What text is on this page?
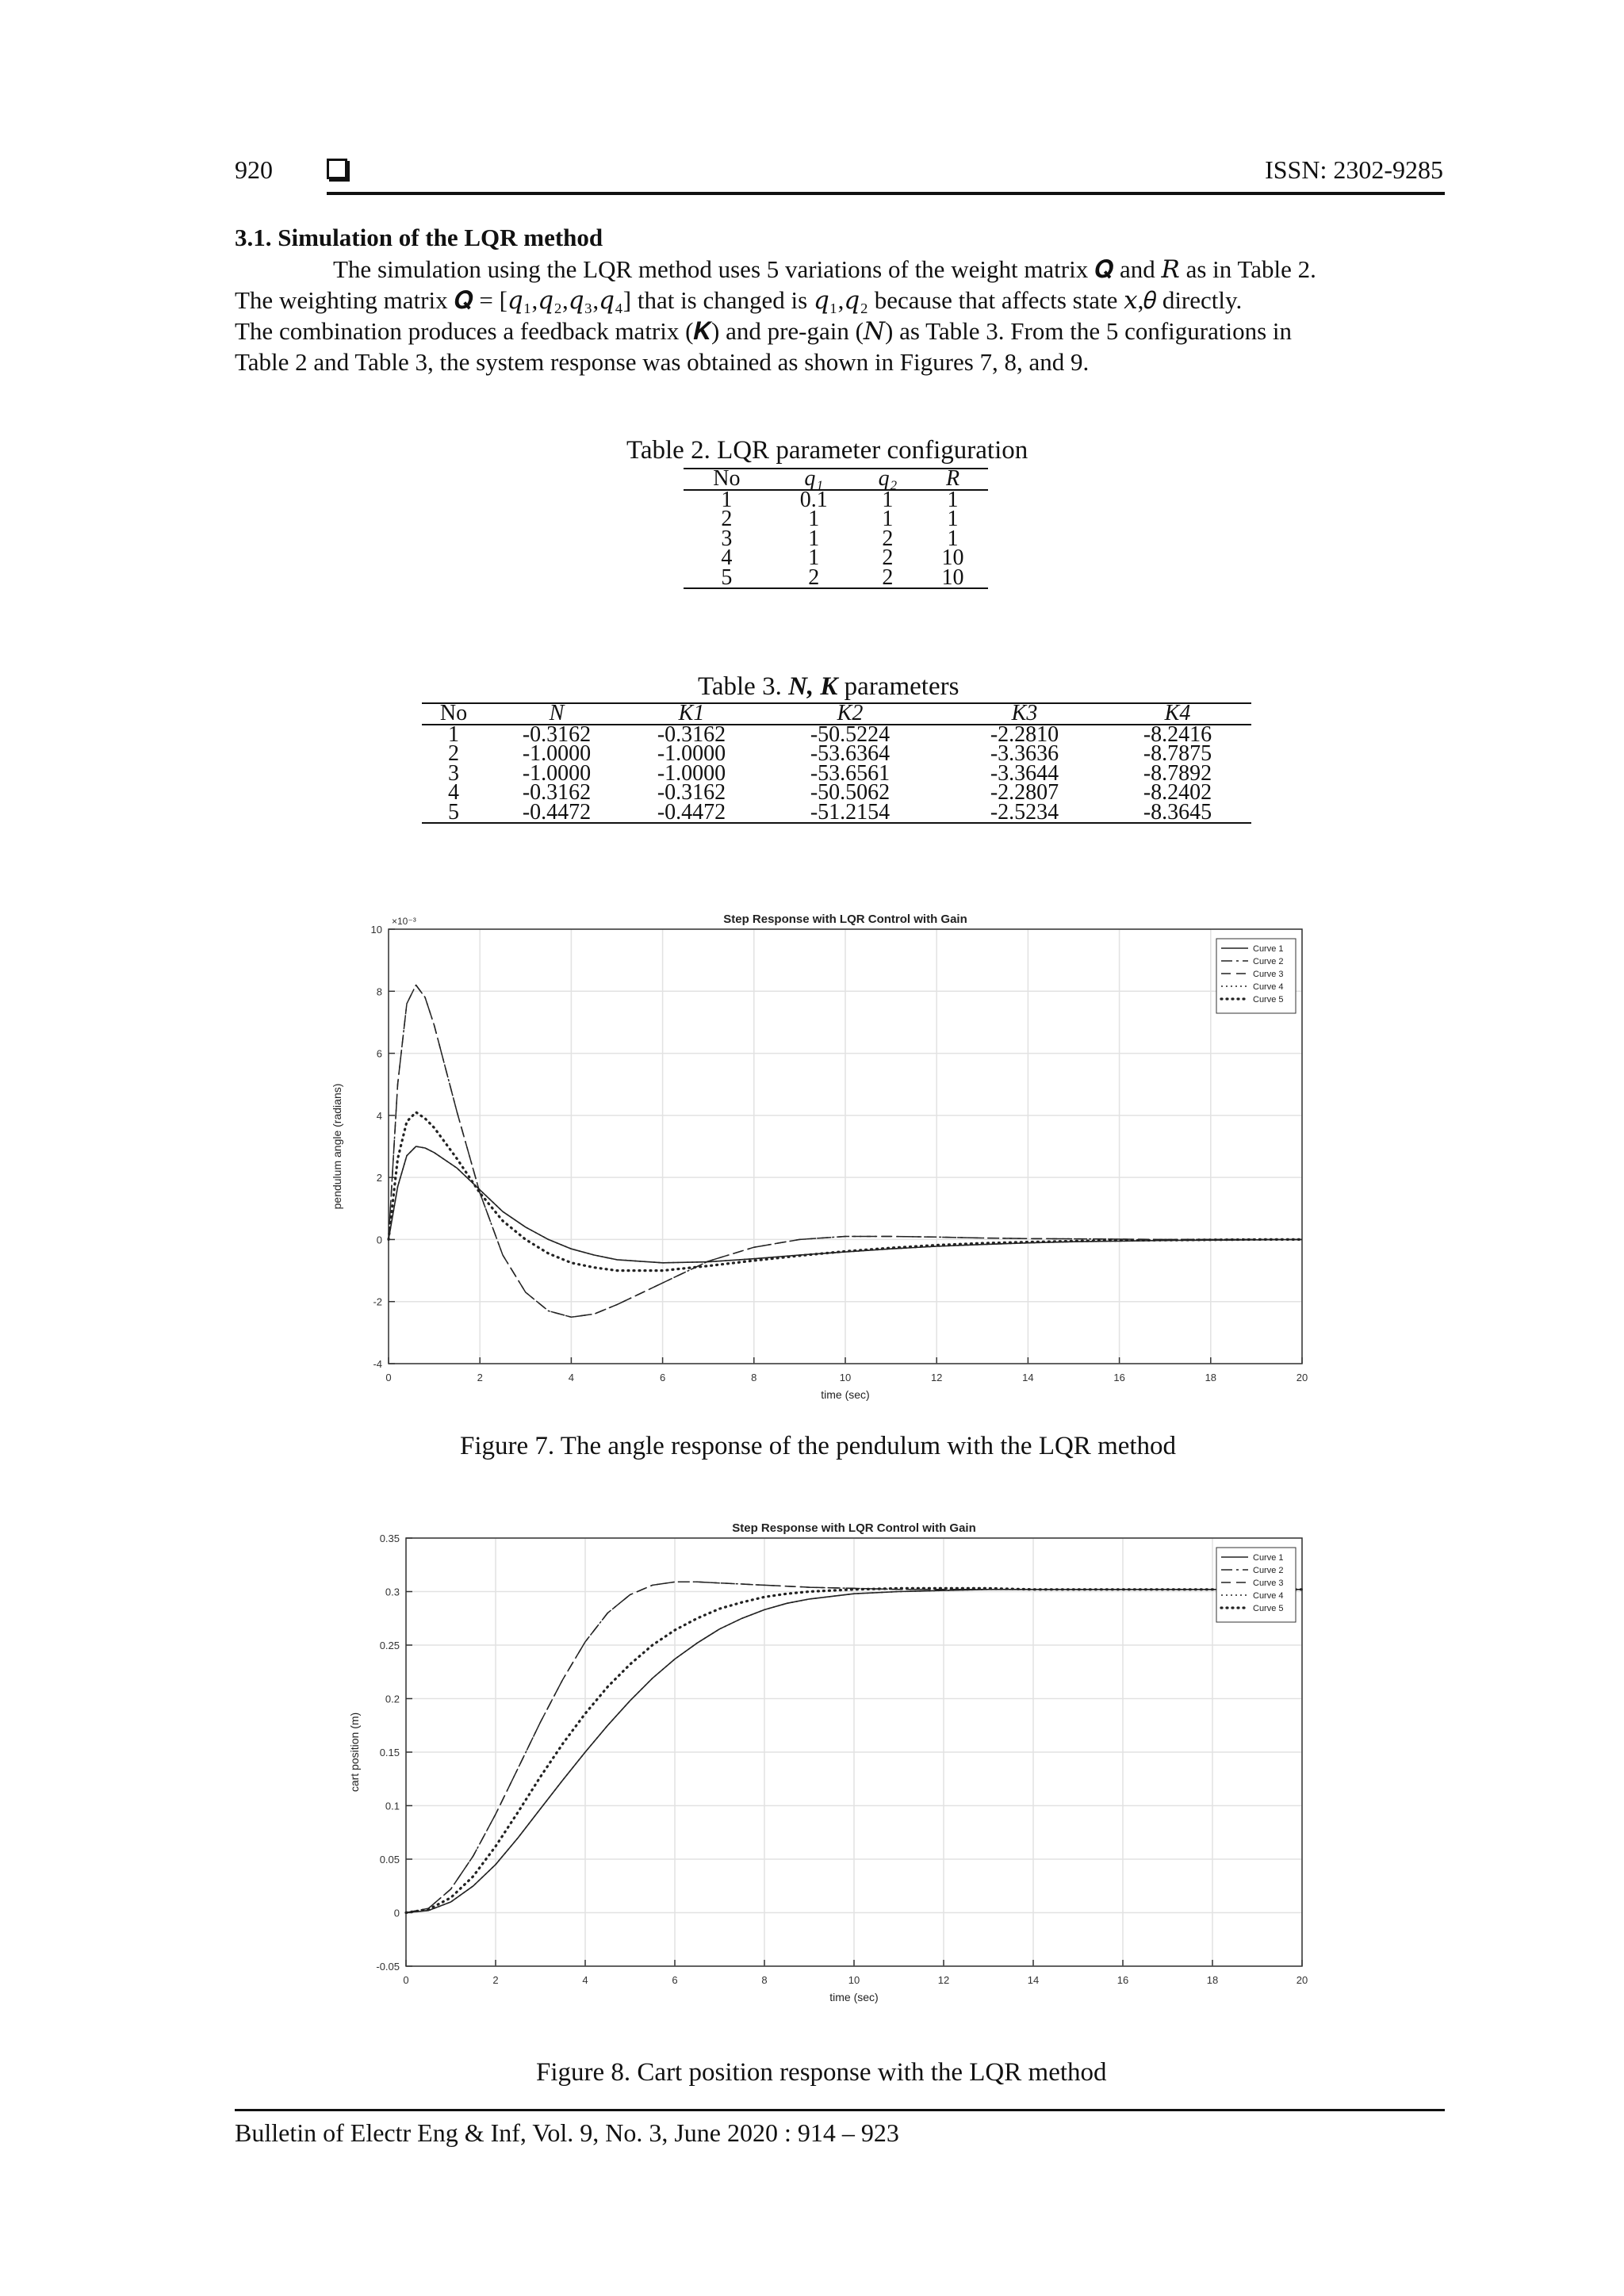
920	ISSN: 2302-9285
3.1. Simulation of the LQR method

The simulation using the LQR method uses 5 variations of the weight matrix 𝑸 and 𝑅 as in Table 2.

The weighting matrix 𝑸 = [𝑞₁,𝑞₂,𝑞₃,𝑞₄] that is changed is 𝑞₁,𝑞₂ because that affects state 𝑥,𝜃 directly.

The combination produces a feedback matrix (𝑲) and pre-gain (𝑁) as Table 3. From the 5 configurations in

Table 2 and Table 3, the system response was obtained as shown in Figures 7, 8, and 9.

Table 2. LQR parameter configuration
No	q₁	q₂	R
1	0.1	1	1
2	1	1	1
3	1	2	1
4	1	2	10
5	2	2	10
Table 3. N, K parameters
No	N	K1	K2	K3	K4
1	-0.3162	-0.3162	-50.5224	-2.2810	-8.2416
2	-1.0000	-1.0000	-53.6364	-3.3636	-8.7875
3	-1.0000	-1.0000	-53.6561	-3.3644	-8.7892
4	-0.3162	-0.3162	-50.5062	-2.2807	-8.2402
5	-0.4472	-0.4472	-51.2154	-2.5234	-8.3645
0	2	4	6	8	10	12	14	16	18	20
-4
-2
0
2
4
6
8
10
Step Response with LQR Control with Gain
time (sec)
pendulum angle (radians)
×10⁻³
Curve 1
Curve 2
Curve 3
Curve 4
Curve 5
Figure 7. The angle response of the pendulum with the LQR method
0	2	4	6	8	10	12	14	16	18	20
-0.05
0
0.05
0.1
0.15
0.2
0.25
0.3
0.35
Step Response with LQR Control with Gain
time (sec)
cart position (m)
Curve 1
Curve 2
Curve 3
Curve 4
Curve 5
Figure 8. Cart position response with the LQR method
Bulletin of Electr Eng & Inf, Vol. 9, No. 3, June 2020 : 914 – 923
